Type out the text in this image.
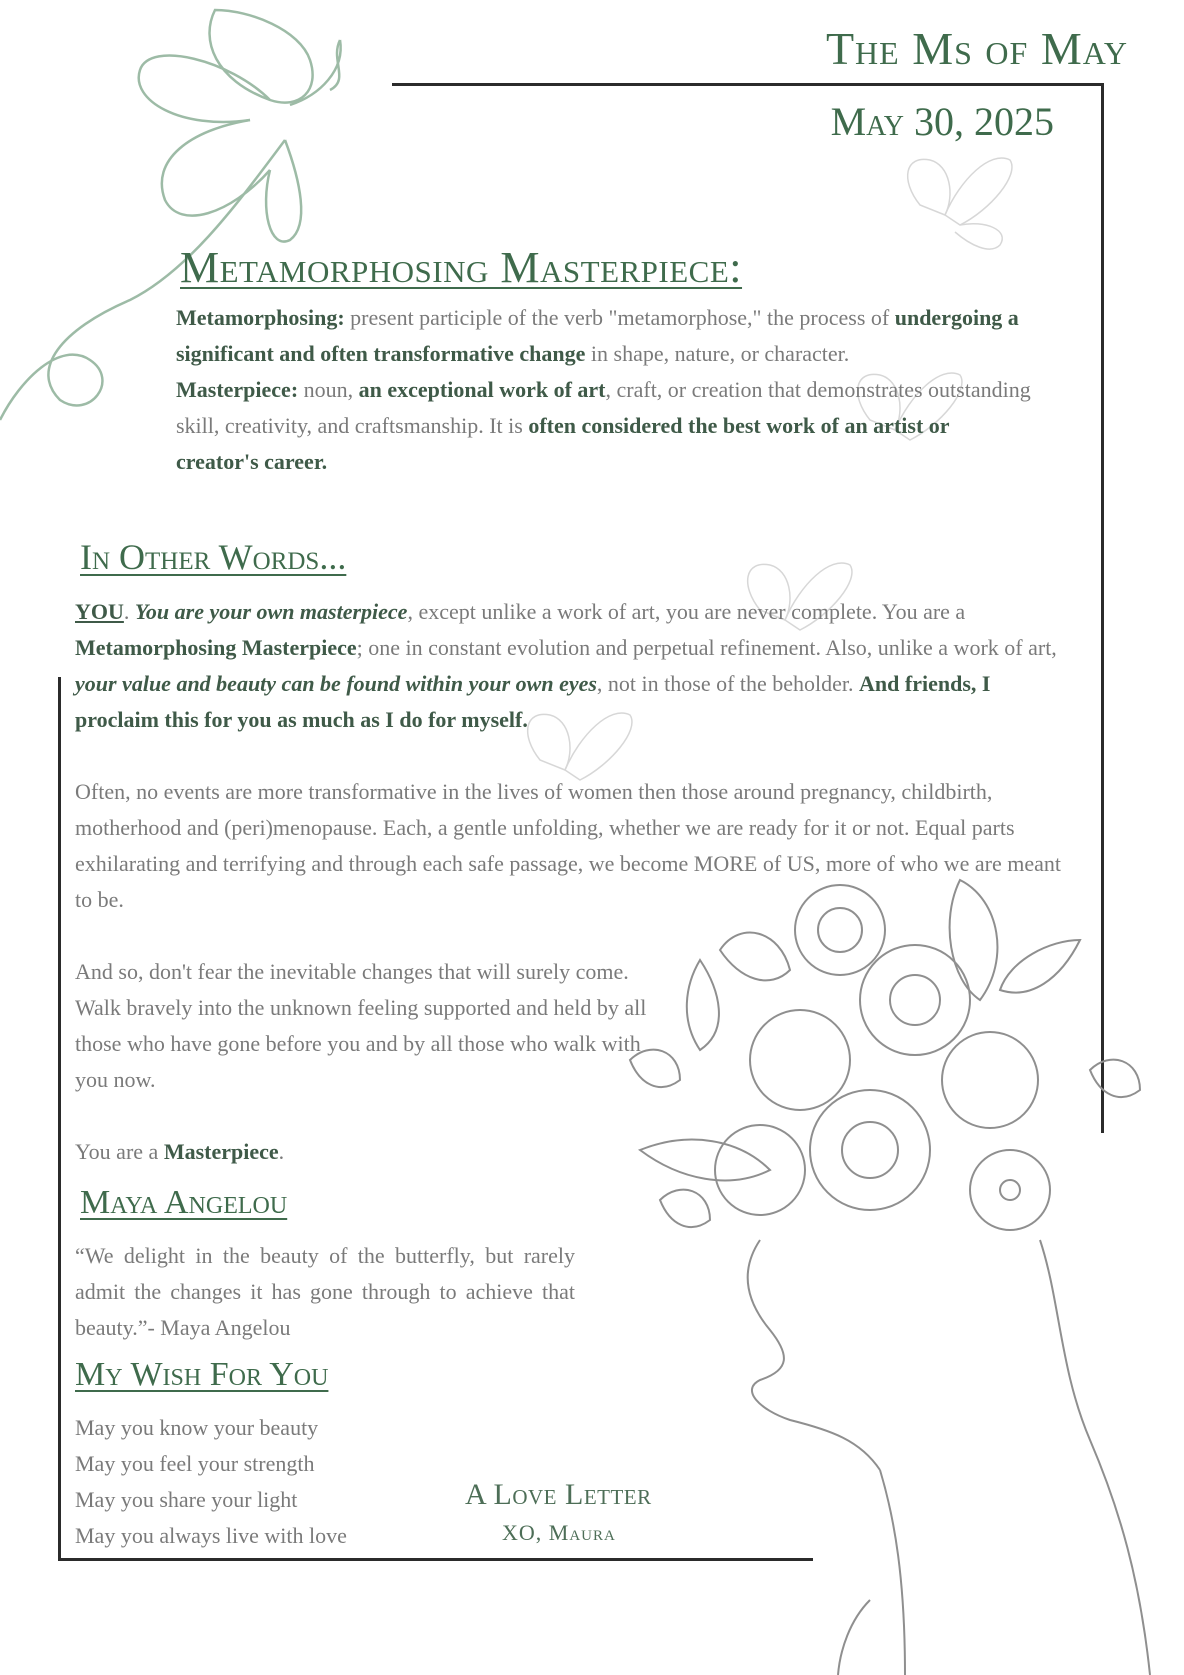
The Ms of May
May 30, 2025
Metamorphosing Masterpiece:
Metamorphosing: present participle of the verb "metamorphose," the process of undergoing a significant and often transformative change in shape, nature, or character.
Masterpiece: noun, an exceptional work of art, craft, or creation that demonstrates outstanding skill, creativity, and craftsmanship. It is often considered the best work of an artist or creator's career.
In Other Words...
YOU. You are your own masterpiece, except unlike a work of art, you are never complete. You are a Metamorphosing Masterpiece; one in constant evolution and perpetual refinement. Also, unlike a work of art, your value and beauty can be found within your own eyes, not in those of the beholder. And friends, I proclaim this for you as much as I do for myself.
Often, no events are more transformative in the lives of women then those around pregnancy, childbirth, motherhood and (peri)menopause. Each, a gentle unfolding, whether we are ready for it or not. Equal parts exhilarating and terrifying and through each safe passage, we become MORE of US, more of who we are meant to be.
And so, don't fear the inevitable changes that will surely come. Walk bravely into the unknown feeling supported and held by all those who have gone before you and by all those who walk with you now.
You are a Masterpiece.
Maya Angelou
“We delight in the beauty of the butterfly, but rarely admit the changes it has gone through to achieve that beauty.”- Maya Angelou
My Wish For You
May you know your beauty
May you feel your strength
May you share your light
May you always live with love
A Love Letter
XO, Maura
